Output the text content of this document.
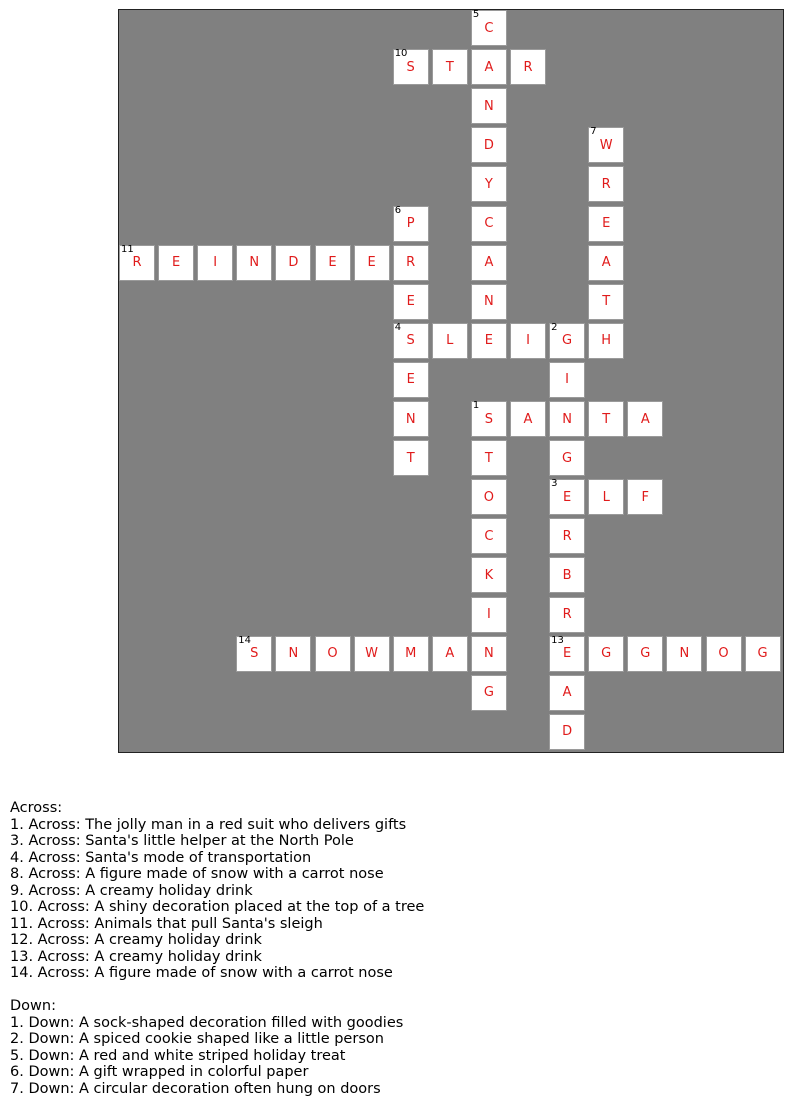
5
C
10
S	T	A	R
N
D
7
W
Y	R
6
P	C	E
11
R	E	I	N	D	E	E	R	A	A
E	N	T
4
S	L	E	I
2
G	H
E	I
N
1
S	A	N	T	A
T	T	G
O
3
E	L	F
C	R
K	B
I	R
14
S	N	O	W	M	A	N
13
E	G	G	N	O	G
G	A
D
Across:
1. Across: The jolly man in a red suit who delivers gifts
3. Across: Santa's little helper at the North Pole
4. Across: Santa's mode of transportation
8. Across: A figure made of snow with a carrot nose
9. Across: A creamy holiday drink
10. Across: A shiny decoration placed at the top of a tree
11. Across: Animals that pull Santa's sleigh
12. Across: A creamy holiday drink
13. Across: A creamy holiday drink
14. Across: A figure made of snow with a carrot nose
Down:
1. Down: A sock-shaped decoration filled with goodies
2. Down: A spiced cookie shaped like a little person
5. Down: A red and white striped holiday treat
6. Down: A gift wrapped in colorful paper
7. Down: A circular decoration often hung on doors
